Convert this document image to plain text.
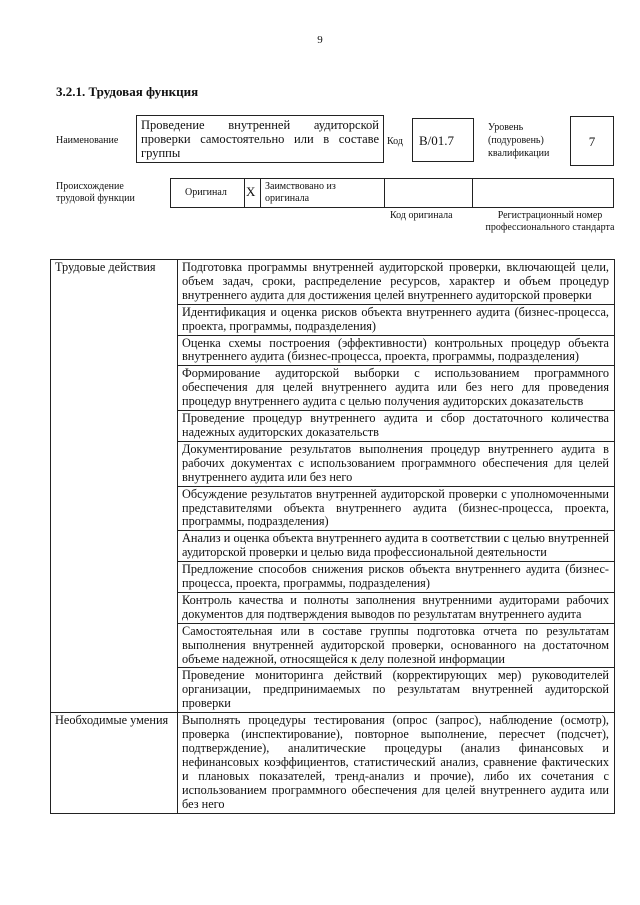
9
3.2.1. Трудовая функция
Наименование
Проведение внутренней аудиторской проверки самостоятельно или в составе группы
Код	B/01.7
Уровень (подуровень) квалификации
7
Происхождение трудовой функции
Оригинал X Заимствовано из оригинала
Код оригинала	Регистрационный номер профессионального стандарта
Трудовые действия	Подготовка программы внутренней аудиторской проверки, включающей цели, объем задач, сроки, распределение ресурсов, характер и объем процедур внутреннего аудита для достижения целей внутреннего аудиторской проверки
	Идентификация и оценка рисков объекта внутреннего аудита (бизнес-процесса, проекта, программы, подразделения)
	Оценка схемы построения (эффективности) контрольных процедур объекта внутреннего аудита (бизнес-процесса, проекта, программы, подразделения)
	Формирование аудиторской выборки с использованием программного обеспечения для целей внутреннего аудита или без него для проведения процедур внутреннего аудита с целью получения аудиторских доказательств
	Проведение процедур внутреннего аудита и сбор достаточного количества надежных аудиторских доказательств
	Документирование результатов выполнения процедур внутреннего аудита в рабочих документах с использованием программного обеспечения для целей внутреннего аудита или без него
	Обсуждение результатов внутренней аудиторской проверки с уполномоченными представителями объекта внутреннего аудита (бизнес-процесса, проекта, программы, подразделения)
	Анализ и оценка объекта внутреннего аудита в соответствии с целью внутренней аудиторской проверки и целью вида профессиональной деятельности
	Предложение способов снижения рисков объекта внутреннего аудита (бизнес-процесса, проекта, программы, подразделения)
	Контроль качества и полноты заполнения внутренними аудиторами рабочих документов для подтверждения выводов по результатам внутреннего аудита
	Самостоятельная или в составе группы подготовка отчета по результатам выполнения внутренней аудиторской проверки, основанного на достаточном объеме надежной, относящейся к делу полезной информации
	Проведение мониторинга действий (корректирующих мер) руководителей организации, предпринимаемых по результатам внутренней аудиторской проверки
Необходимые умения	Выполнять процедуры тестирования (опрос (запрос), наблюдение (осмотр), проверка (инспектирование), повторное выполнение, пересчет (подсчет), подтверждение), аналитические процедуры (анализ финансовых и нефинансовых коэффициентов, статистический анализ, сравнение фактических и плановых показателей, тренд-анализ и прочие), либо их сочетания с использованием программного обеспечения для целей внутреннего аудита или без него
